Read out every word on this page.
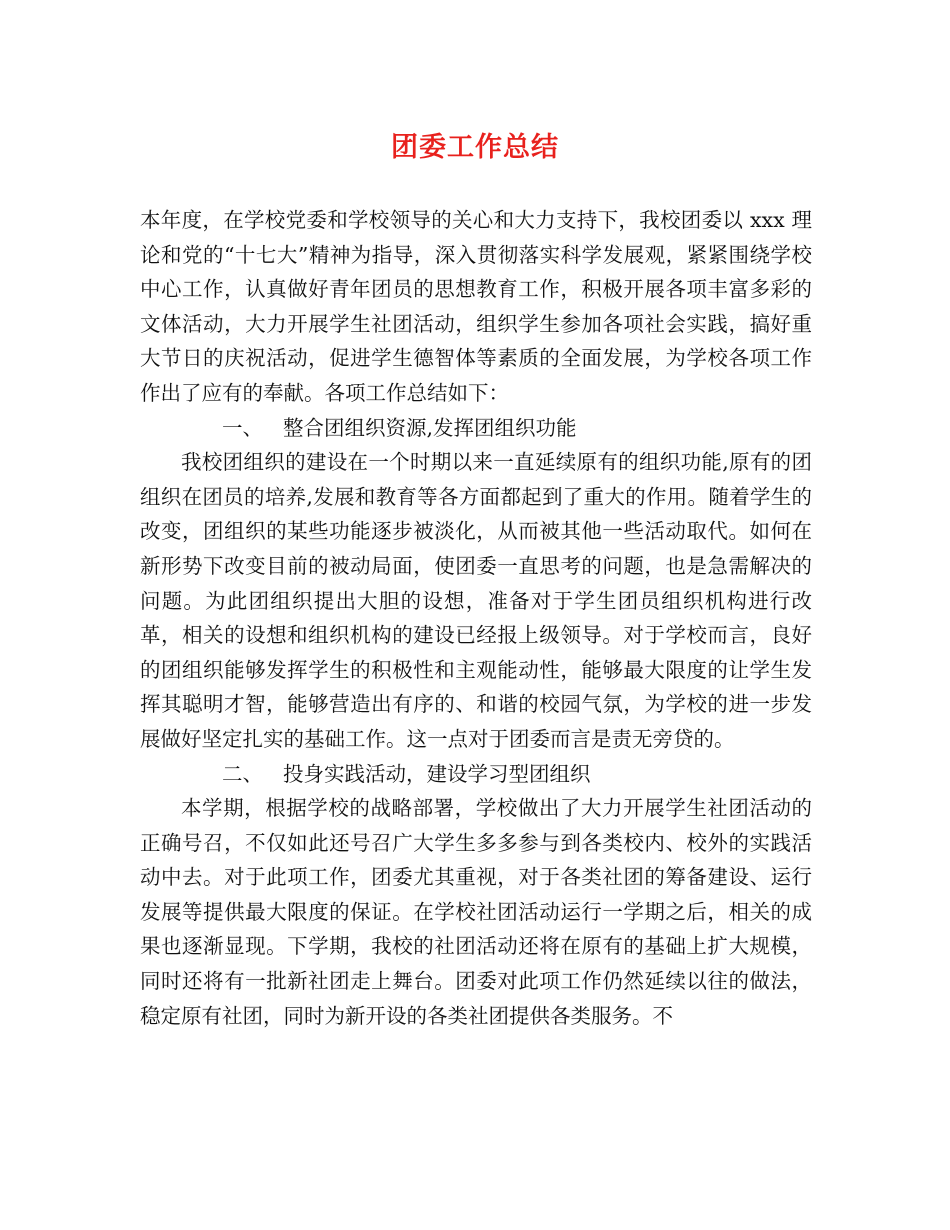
团委工作总结

本年度，在学校党委和学校领导的关心和大力支持下，我校团委以 xxx 理论和党的“十七大”精神为指导，深入贯彻落实科学发展观，紧紧围绕学校中心工作，认真做好青年团员的思想教育工作，积极开展各项丰富多彩的文体活动，大力开展学生社团活动，组织学生参加各项社会实践，搞好重大节日的庆祝活动，促进学生德智体等素质的全面发展，为学校各项工作作出了应有的奉献。各项工作总结如下：

一、 整合团组织资源,发挥团组织功能

我校团组织的建设在一个时期以来一直延续原有的组织功能,原有的团组织在团员的培养,发展和教育等各方面都起到了重大的作用。随着学生的改变，团组织的某些功能逐步被淡化，从而被其他一些活动取代。如何在新形势下改变目前的被动局面，使团委一直思考的问题，也是急需解决的问题。为此团组织提出大胆的设想，准备对于学生团员组织机构进行改革，相关的设想和组织机构的建设已经报上级领导。对于学校而言，良好的团组织能够发挥学生的积极性和主观能动性，能够最大限度的让学生发挥其聪明才智，能够营造出有序的、和谐的校园气氛，为学校的进一步发展做好坚定扎实的基础工作。这一点对于团委而言是责无旁贷的。

二、 投身实践活动，建设学习型团组织

本学期，根据学校的战略部署，学校做出了大力开展学生社团活动的正确号召，不仅如此还号召广大学生多多参与到各类校内、校外的实践活动中去。对于此项工作，团委尤其重视，对于各类社团的筹备建设、运行发展等提供最大限度的保证。在学校社团活动运行一学期之后，相关的成果也逐渐显现。下学期，我校的社团活动还将在原有的基础上扩大规模，同时还将有一批新社团走上舞台。团委对此项工作仍然延续以往的做法，稳定原有社团，同时为新开设的各类社团提供各类服务。不
